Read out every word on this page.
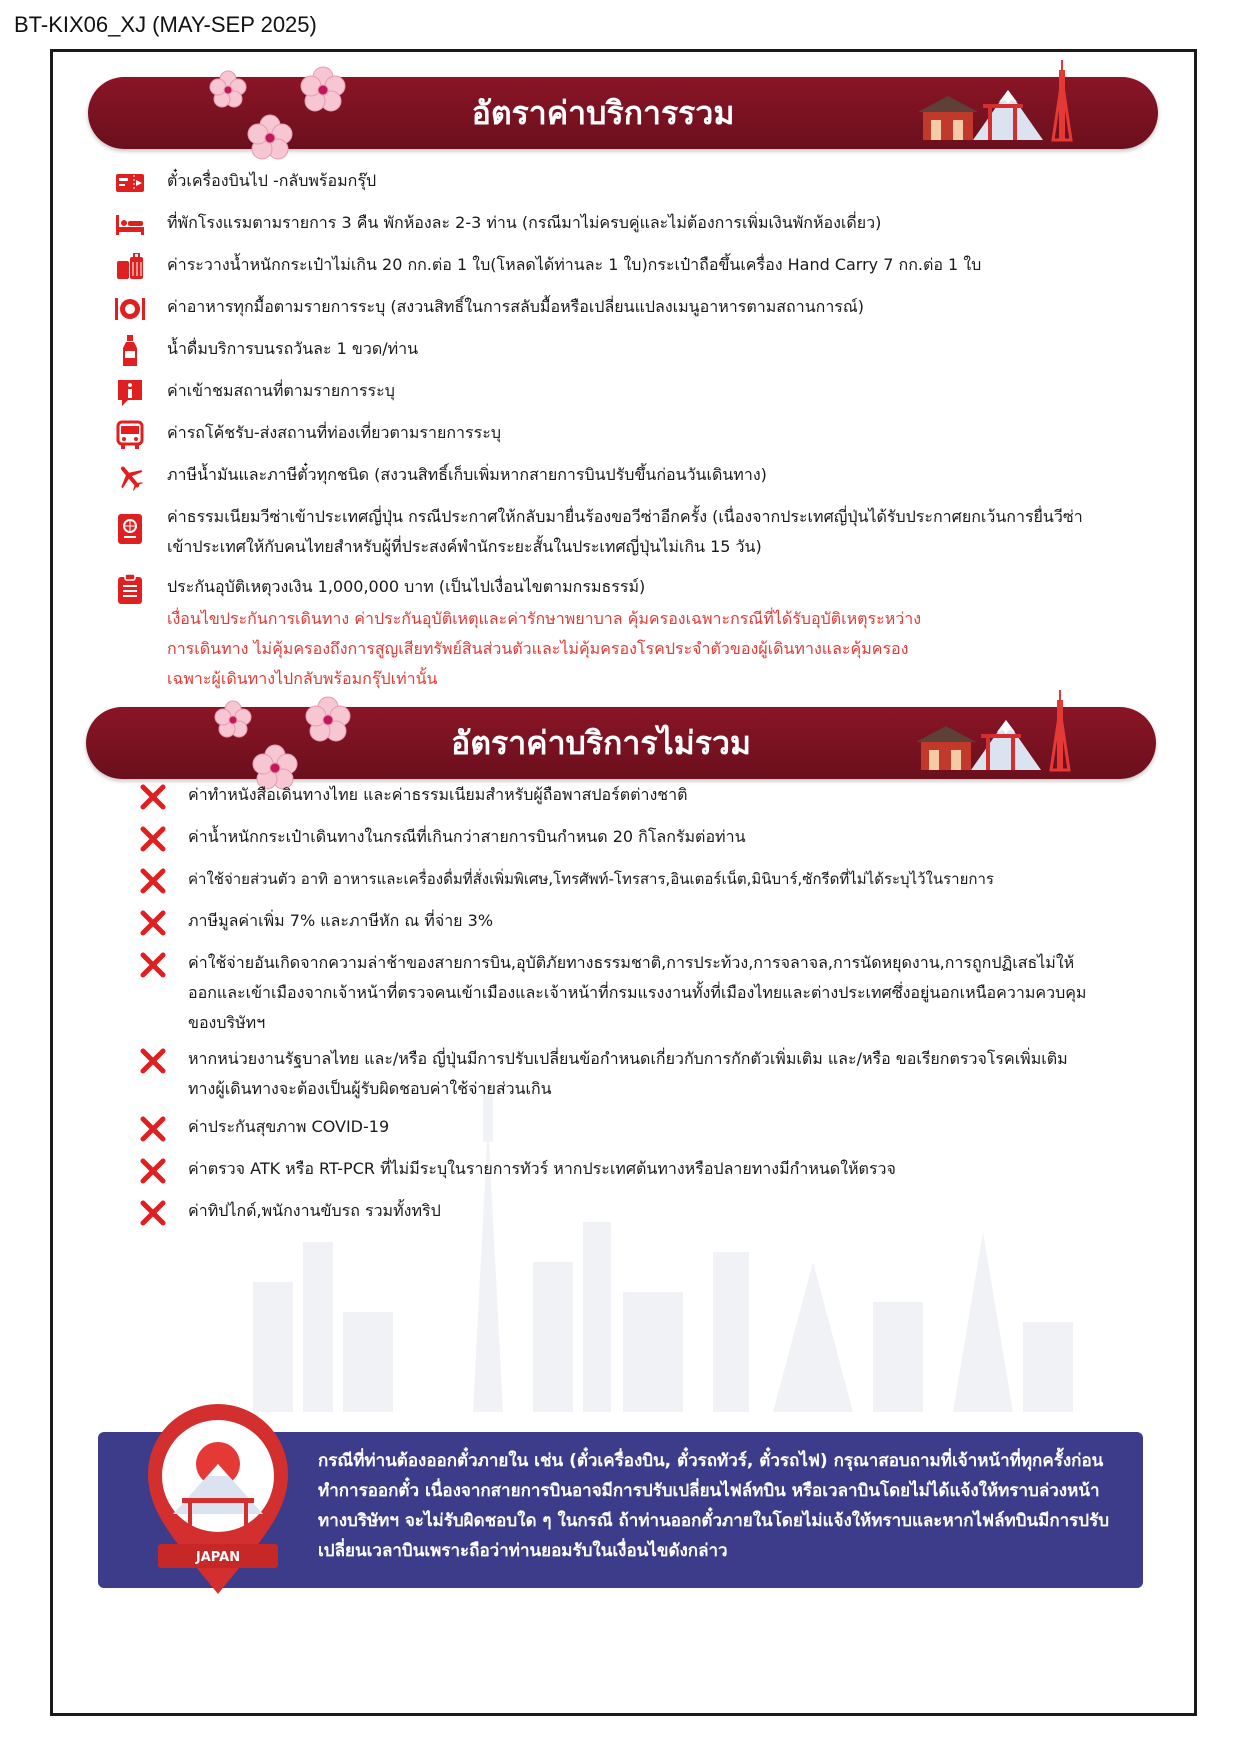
BT-KIX06_XJ (MAY-SEP 2025)
อัตราค่าบริการรวม
ตั๋วเครื่องบินไป -กลับพร้อมกรุ๊ป
ที่พักโรงแรมตามรายการ 3 คืน พักห้องละ 2-3 ท่าน (กรณีมาไม่ครบคู่และไม่ต้องการเพิ่มเงินพักห้องเดี่ยว)
ค่าระวางน้ำหนักกระเป๋าไม่เกิน 20 กก.ต่อ 1 ใบ(โหลดได้ท่านละ 1 ใบ)กระเป๋าถือขึ้นเครื่อง Hand Carry 7 กก.ต่อ 1 ใบ
ค่าอาหารทุกมื้อตามรายการระบุ (สงวนสิทธิ์ในการสลับมื้อหรือเปลี่ยนแปลงเมนูอาหารตามสถานการณ์)
น้ำดื่มบริการบนรถวันละ 1 ขวด/ท่าน
ค่าเข้าชมสถานที่ตามรายการระบุ
ค่ารถโค้ชรับ-ส่งสถานที่ท่องเที่ยวตามรายการระบุ
ภาษีน้ำมันและภาษีตั๋วทุกชนิด (สงวนสิทธิ์เก็บเพิ่มหากสายการบินปรับขึ้นก่อนวันเดินทาง)
ค่าธรรมเนียมวีซ่าเข้าประเทศญี่ปุ่น กรณีประกาศให้กลับมายื่นร้องขอวีซ่าอีกครั้ง (เนื่องจากประเทศญี่ปุ่นได้รับประกาศยกเว้นการยื่นวีซ่าเข้าประเทศให้กับคนไทยสำหรับผู้ที่ประสงค์พำนักระยะสั้นในประเทศญี่ปุ่นไม่เกิน 15 วัน)
ประกันอุบัติเหตุวงเงิน 1,000,000 บาท (เป็นไปเงื่อนไขตามกรมธรรม์)
เงื่อนไขประกันการเดินทาง ค่าประกันอุบัติเหตุและค่ารักษาพยาบาล คุ้มครองเฉพาะกรณีที่ได้รับอุบัติเหตุระหว่างการเดินทาง ไม่คุ้มครองถึงการสูญเสียทรัพย์สินส่วนตัวและไม่คุ้มครองโรคประจำตัวของผู้เดินทางและคุ้มครองเฉพาะผู้เดินทางไปกลับพร้อมกรุ๊ปเท่านั้น
อัตราค่าบริการไม่รวม
ค่าทำหนังสือเดินทางไทย และค่าธรรมเนียมสำหรับผู้ถือพาสปอร์ตต่างชาติ
ค่าน้ำหนักกระเป๋าเดินทางในกรณีที่เกินกว่าสายการบินกำหนด 20 กิโลกรัมต่อท่าน
ค่าใช้จ่ายส่วนตัว อาทิ อาหารและเครื่องดื่มที่สั่งเพิ่มพิเศษ,โทรศัพท์-โทรสาร,อินเตอร์เน็ต,มินิบาร์,ซักรีดที่ไม่ได้ระบุไว้ในรายการ
ภาษีมูลค่าเพิ่ม 7% และภาษีหัก ณ ที่จ่าย 3%
ค่าใช้จ่ายอันเกิดจากความล่าช้าของสายการบิน,อุบัติภัยทางธรรมชาติ,การประท้วง,การจลาจล,การนัดหยุดงาน,การถูกปฏิเสธไม่ให้ออกและเข้าเมืองจากเจ้าหน้าที่ตรวจคนเข้าเมืองและเจ้าหน้าที่กรมแรงงานทั้งที่เมืองไทยและต่างประเทศซึ่งอยู่นอกเหนือความควบคุมของบริษัทฯ
หากหน่วยงานรัฐบาลไทย และ/หรือ ญี่ปุ่นมีการปรับเปลี่ยนข้อกำหนดเกี่ยวกับการกักตัวเพิ่มเติม และ/หรือ ขอเรียกตรวจโรคเพิ่มเติม ทางผู้เดินทางจะต้องเป็นผู้รับผิดชอบค่าใช้จ่ายส่วนเกิน
ค่าประกันสุขภาพ COVID-19
ค่าตรวจ ATK หรือ RT-PCR ที่ไม่มีระบุในรายการทัวร์ หากประเทศต้นทางหรือปลายทางมีกำหนดให้ตรวจ
ค่าทิปไกด์,พนักงานขับรถ รวมทั้งทริป
JAPAN
กรณีที่ท่านต้องออกตั๋วภายใน เช่น (ตั๋วเครื่องบิน, ตั๋วรถทัวร์, ตั๋วรถไฟ) กรุณาสอบถามที่เจ้าหน้าที่ทุกครั้งก่อนทำการออกตั๋ว เนื่องจากสายการบินอาจมีการปรับเปลี่ยนไฟล์ทบิน หรือเวลาบินโดยไม่ได้แจ้งให้ทราบล่วงหน้า ทางบริษัทฯ จะไม่รับผิดชอบใด ๆ ในกรณี ถ้าท่านออกตั๋วภายในโดยไม่แจ้งให้ทราบและหากไฟล์ทบินมีการปรับเปลี่ยนเวลาบินเพราะถือว่าท่านยอมรับในเงื่อนไขดังกล่าว
